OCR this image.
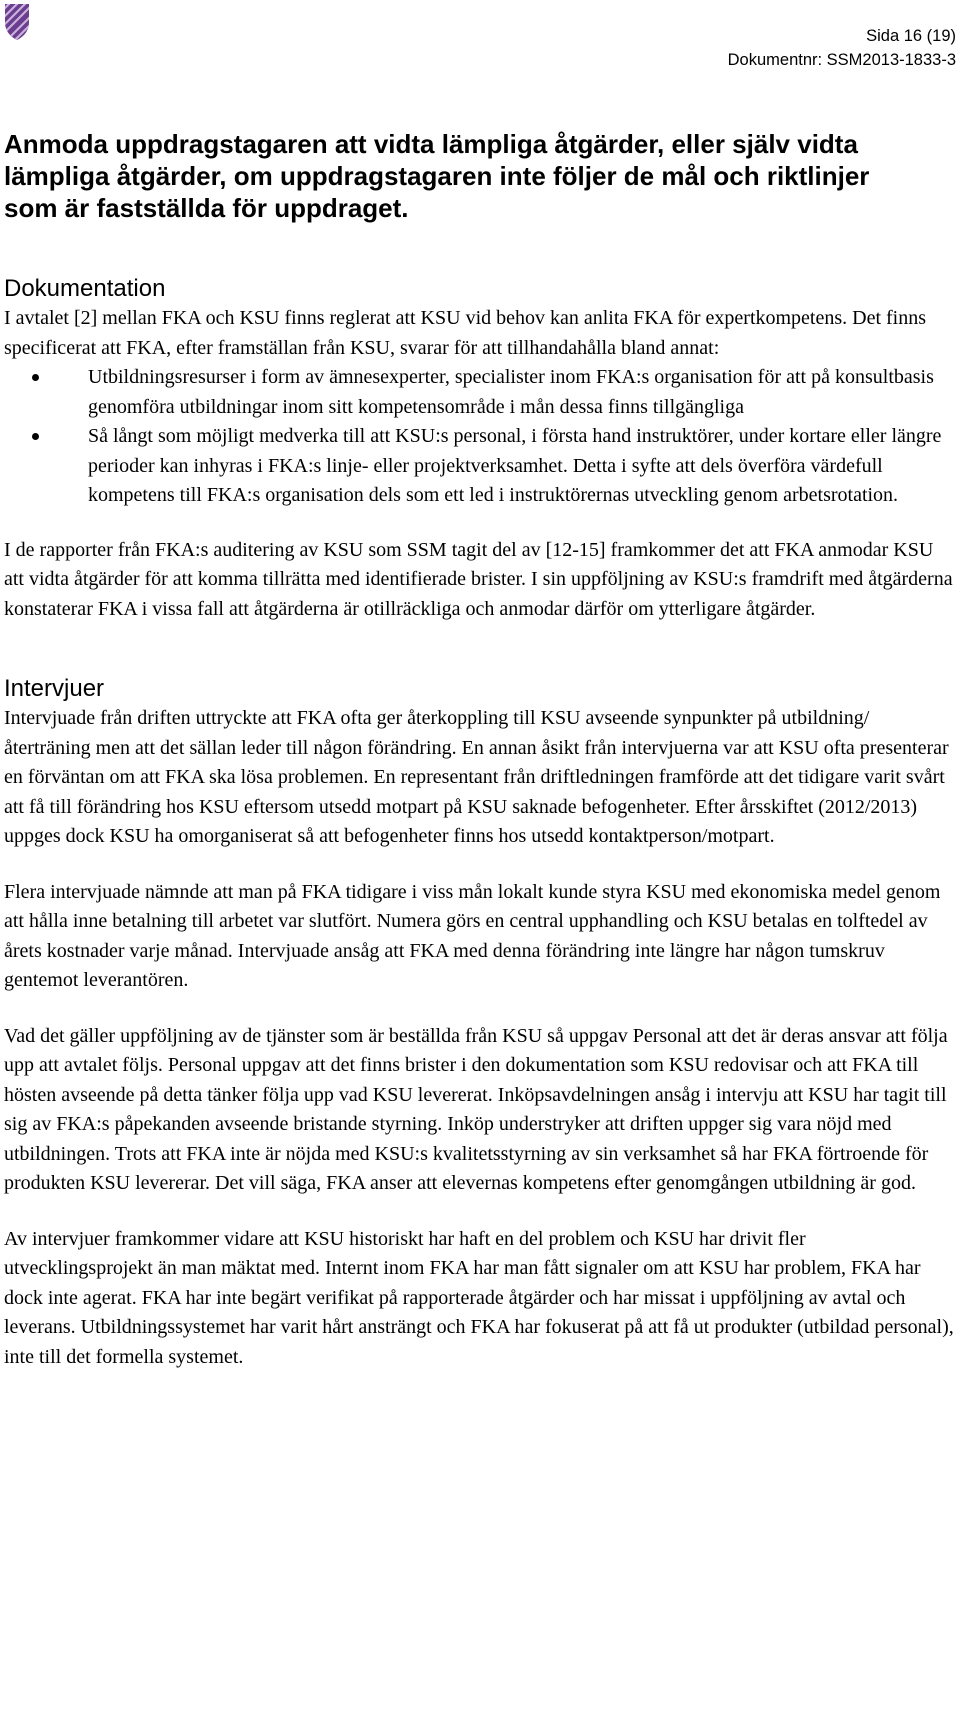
Sida 16 (19)
Dokumentnr: SSM2013-1833-3
Anmoda uppdragstagaren att vidta lämpliga åtgärder, eller själv vidta lämpliga åtgärder, om uppdragstagaren inte följer de mål och riktlinjer som är fastställda för uppdraget.
Dokumentation

I avtalet [2] mellan FKA och KSU finns reglerat att KSU vid behov kan anlita FKA för expertkompetens. Det finns specificerat att FKA, efter framställan från KSU, svarar för att tillhandahålla bland annat:

Utbildningsresurser i form av ämnesexperter, specialister inom FKA:s organisation för att på konsultbasis genomföra utbildningar inom sitt kompetensområde i mån dessa finns tillgängliga
Så långt som möjligt medverka till att KSU:s personal, i första hand instruktörer, under kortare eller längre perioder kan inhyras i FKA:s linje- eller projektverksamhet. Detta i syfte att dels överföra värdefull kompetens till FKA:s organisation dels som ett led i instruktörernas utveckling genom arbetsrotation.

I de rapporter från FKA:s auditering av KSU som SSM tagit del av [12-15] framkommer det att FKA anmodar KSU att vidta åtgärder för att komma tillrätta med identifierade brister. I sin uppföljning av KSU:s framdrift med åtgärderna konstaterar FKA i vissa fall att åtgärderna är otillräckliga och anmodar därför om ytterligare åtgärder.

Intervjuer

Intervjuade från driften uttryckte att FKA ofta ger återkoppling till KSU avseende synpunkter på utbildning/återträning men att det sällan leder till någon förändring. En annan åsikt från intervjuerna var att KSU ofta presenterar en förväntan om att FKA ska lösa problemen. En representant från driftledningen framförde att det tidigare varit svårt att få till förändring hos KSU eftersom utsedd motpart på KSU saknade befogenheter. Efter årsskiftet (2012/2013) uppges dock KSU ha omorganiserat så att befogenheter finns hos utsedd kontaktperson/motpart.

Flera intervjuade nämnde att man på FKA tidigare i viss mån lokalt kunde styra KSU med ekonomiska medel genom att hålla inne betalning till arbetet var slutfört. Numera görs en central upphandling och KSU betalas en tolftedel av årets kostnader varje månad. Intervjuade ansåg att FKA med denna förändring inte längre har någon tumskruv gentemot leverantören.

Vad det gäller uppföljning av de tjänster som är beställda från KSU så uppgav Personal att det är deras ansvar att följa upp att avtalet följs. Personal uppgav att det finns brister i den dokumentation som KSU redovisar och att FKA till hösten avseende på detta tänker följa upp vad KSU levererat. Inköpsavdelningen ansåg i intervju att KSU har tagit till sig av FKA:s påpekanden avseende bristande styrning. Inköp understryker att driften uppger sig vara nöjd med utbildningen. Trots att FKA inte är nöjda med KSU:s kvalitetsstyrning av sin verksamhet så har FKA förtroende för produkten KSU levererar. Det vill säga, FKA anser att elevernas kompetens efter genomgången utbildning är god.

Av intervjuer framkommer vidare att KSU historiskt har haft en del problem och KSU har drivit fler utvecklingsprojekt än man mäktat med. Internt inom FKA har man fått signaler om att KSU har problem, FKA har dock inte agerat. FKA har inte begärt verifikat på rapporterade åtgärder och har missat i uppföljning av avtal och leverans. Utbildningssystemet har varit hårt ansträngt och FKA har fokuserat på att få ut produkter (utbildad personal), inte till det formella systemet.
